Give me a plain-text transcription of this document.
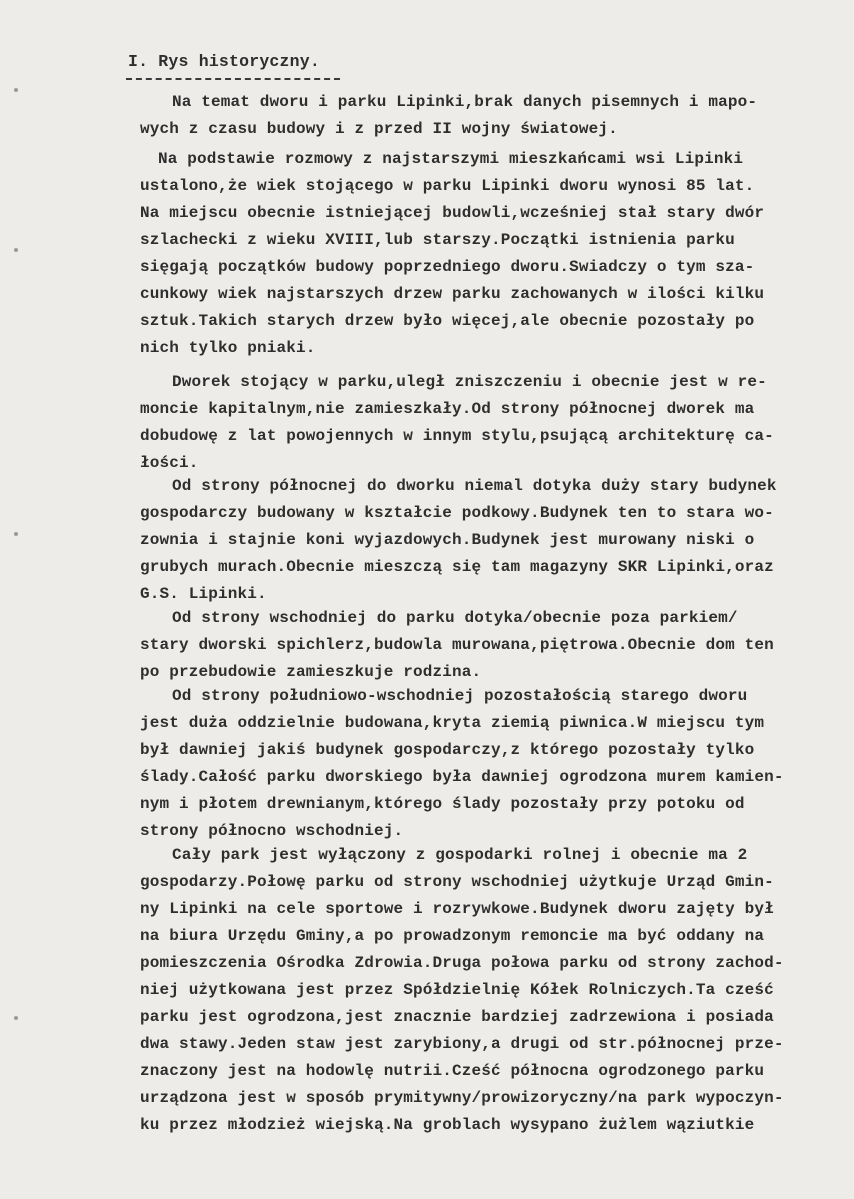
I. Rys historyczny.
Na temat dworu i parku Lipinki,brak danych pisemnych i mapo-
wych z czasu budowy i z przed II wojny światowej.
Na podstawie rozmowy z najstarszymi mieszkańcami wsi Lipinki
ustalono,że wiek stojącego w parku Lipinki dworu wynosi 85 lat.
Na miejscu obecnie istniejącej budowli,wcześniej stał stary dwór
szlachecki z wieku XVIII,lub starszy.Początki istnienia parku
sięgają początków budowy poprzedniego dworu.Swiadczy o tym sza-
cunkowy wiek najstarszych drzew parku zachowanych w ilości kilku
sztuk.Takich starych drzew było więcej,ale obecnie pozostały po
nich tylko pniaki.
Dworek stojący w parku,uległ zniszczeniu i obecnie jest w re-
moncie kapitalnym,nie zamieszkały.Od strony północnej dworek ma
dobudowę z lat powojennych w innym stylu,psującą architekturę ca-
łości.
Od strony północnej do dworku niemal dotyka duży stary budynek
gospodarczy budowany w kształcie podkowy.Budynek ten to stara wo-
zownia i stajnie koni wyjazdowych.Budynek jest murowany niski o
grubych murach.Obecnie mieszczą się tam magazyny SKR Lipinki,oraz
G.S. Lipinki.
Od strony wschodniej do parku dotyka/obecnie poza parkiem/
stary dworski spichlerz,budowla murowana,piętrowa.Obecnie dom ten
po przebudowie zamieszkuje rodzina.
Od strony południowo-wschodniej pozostałością starego dworu
jest duża oddzielnie budowana,kryta ziemią piwnica.W miejscu tym
był dawniej jakiś budynek gospodarczy,z którego pozostały tylko
ślady.Całość parku dworskiego była dawniej ogrodzona murem kamien-
nym i płotem drewnianym,którego ślady pozostały przy potoku od
strony północno wschodniej.
Cały park jest wyłączony z gospodarki rolnej i obecnie ma 2
gospodarzy.Połowę parku od strony wschodniej użytkuje Urząd Gmin-
ny Lipinki na cele sportowe i rozrywkowe.Budynek dworu zajęty był
na biura Urzędu Gminy,a po prowadzonym remoncie ma być oddany na
pomieszczenia Ośrodka Zdrowia.Druga połowa parku od strony zachod-
niej użytkowana jest przez Spółdzielnię Kółek Rolniczych.Ta cześć
parku jest ogrodzona,jest znacznie bardziej zadrzewiona i posiada
dwa stawy.Jeden staw jest zarybiony,a drugi od str.północnej prze-
znaczony jest na hodowlę nutrii.Cześć północna ogrodzonego parku
urządzona jest w sposób prymitywny/prowizoryczny/na park wypoczyn-
ku przez młodzież wiejską.Na groblach wysypano żużlem wąziutkie
